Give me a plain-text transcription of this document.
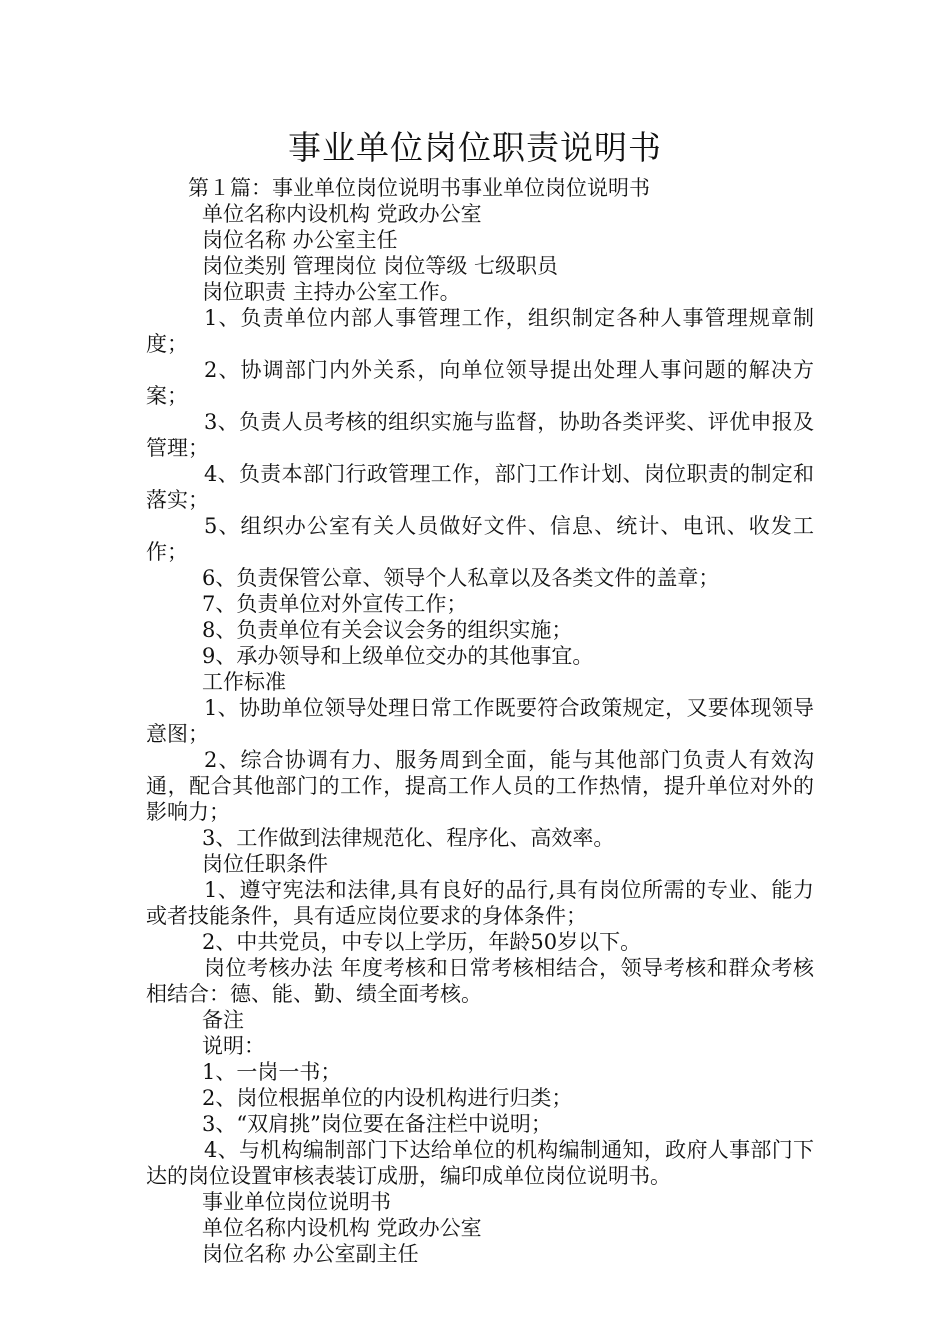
事业单位岗位职责说明书

第１篇：事业单位岗位说明书事业单位岗位说明书

单位名称内设机构 党政办公室

岗位名称 办公室主任

岗位类别 管理岗位 岗位等级 七级职员

岗位职责 主持办公室工作。

1、负责单位内部人事管理工作，组织制定各种人事管理规章制度；

2、协调部门内外关系，向单位领导提出处理人事问题的解决方案；

3、负责人员考核的组织实施与监督，协助各类评奖、评优申报及管理；

4、负责本部门行政管理工作，部门工作计划、岗位职责的制定和落实；

5、组织办公室有关人员做好文件、信息、统计、电讯、收发工作；

6、负责保管公章、领导个人私章以及各类文件的盖章；

7、负责单位对外宣传工作；

8、负责单位有关会议会务的组织实施；

9、承办领导和上级单位交办的其他事宜。

工作标准

1、协助单位领导处理日常工作既要符合政策规定，又要体现领导意图；

2、综合协调有力、服务周到全面，能与其他部门负责人有效沟通，配合其他部门的工作，提高工作人员的工作热情，提升单位对外的影响力；

3、工作做到法律规范化、程序化、高效率。

岗位任职条件

1、遵守宪法和法律,具有良好的品行,具有岗位所需的专业、能力或者技能条件，具有适应岗位要求的身体条件；

2、中共党员，中专以上学历，年龄50岁以下。

岗位考核办法 年度考核和日常考核相结合，领导考核和群众考核相结合：德、能、勤、绩全面考核。

备注

说明：

1、一岗一书；

2、岗位根据单位的内设机构进行归类；

3、“双肩挑”岗位要在备注栏中说明；

4、与机构编制部门下达给单位的机构编制通知，政府人事部门下达的岗位设置审核表装订成册，编印成单位岗位说明书。

事业单位岗位说明书

单位名称内设机构 党政办公室

岗位名称 办公室副主任
